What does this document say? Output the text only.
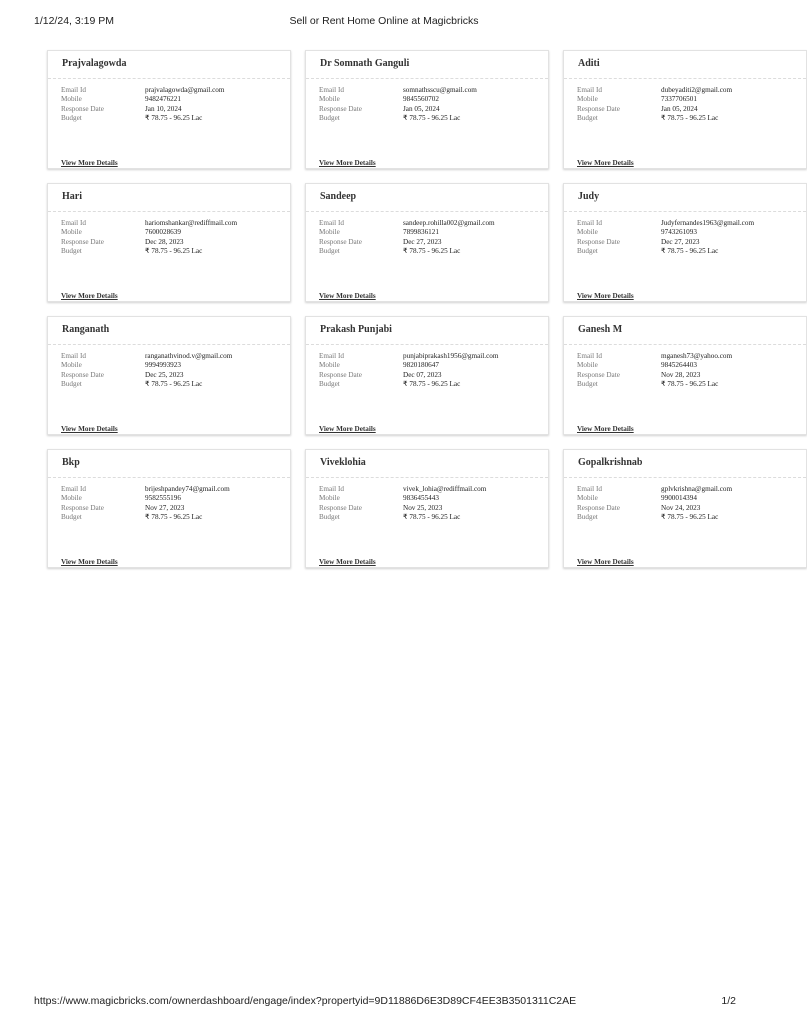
1/12/24, 3:19 PM	Sell or Rent Home Online at Magicbricks
Prajvalagowda
Email Id	prajvalagowda@gmail.com
Mobile	9482476221
Response Date	Jan 10, 2024
Budget	₹ 78.75 - 96.25 Lac
View More Details
Dr Somnath Ganguli
Email Id	somnathsscu@gmail.com
Mobile	9845560702
Response Date	Jan 05, 2024
Budget	₹ 78.75 - 96.25 Lac
View More Details
Aditi
Email Id	dubeyaditi2@gmail.com
Mobile	7337706501
Response Date	Jan 05, 2024
Budget	₹ 78.75 - 96.25 Lac
View More Details
Hari
Email Id	hariomshankar@rediffmail.com
Mobile	7600028639
Response Date	Dec 28, 2023
Budget	₹ 78.75 - 96.25 Lac
View More Details
Sandeep
Email Id	sandeep.rohilla002@gmail.com
Mobile	7899836121
Response Date	Dec 27, 2023
Budget	₹ 78.75 - 96.25 Lac
View More Details
Judy
Email Id	Judyfernandes1963@gmail.com
Mobile	9743261093
Response Date	Dec 27, 2023
Budget	₹ 78.75 - 96.25 Lac
View More Details
Ranganath
Email Id	ranganathvinod.v@gmail.com
Mobile	9994993923
Response Date	Dec 25, 2023
Budget	₹ 78.75 - 96.25 Lac
View More Details
Prakash Punjabi
Email Id	punjabiprakash1956@gmail.com
Mobile	9820180647
Response Date	Dec 07, 2023
Budget	₹ 78.75 - 96.25 Lac
View More Details
Ganesh M
Email Id	mganesh73@yahoo.com
Mobile	9845264403
Response Date	Nov 28, 2023
Budget	₹ 78.75 - 96.25 Lac
View More Details
Bkp
Email Id	brijeshpandey74@gmail.com
Mobile	9582555196
Response Date	Nov 27, 2023
Budget	₹ 78.75 - 96.25 Lac
View More Details
Viveklohia
Email Id	vivek_lohia@rediffmail.com
Mobile	9836455443
Response Date	Nov 25, 2023
Budget	₹ 78.75 - 96.25 Lac
View More Details
Gopalkrishnab
Email Id	gplvkrishna@gmail.com
Mobile	9900014394
Response Date	Nov 24, 2023
Budget	₹ 78.75 - 96.25 Lac
View More Details
https://www.magicbricks.com/ownerdashboard/engage/index?propertyid=9D11886D6E3D89CF4EE3B3501311C2AE	1/2
